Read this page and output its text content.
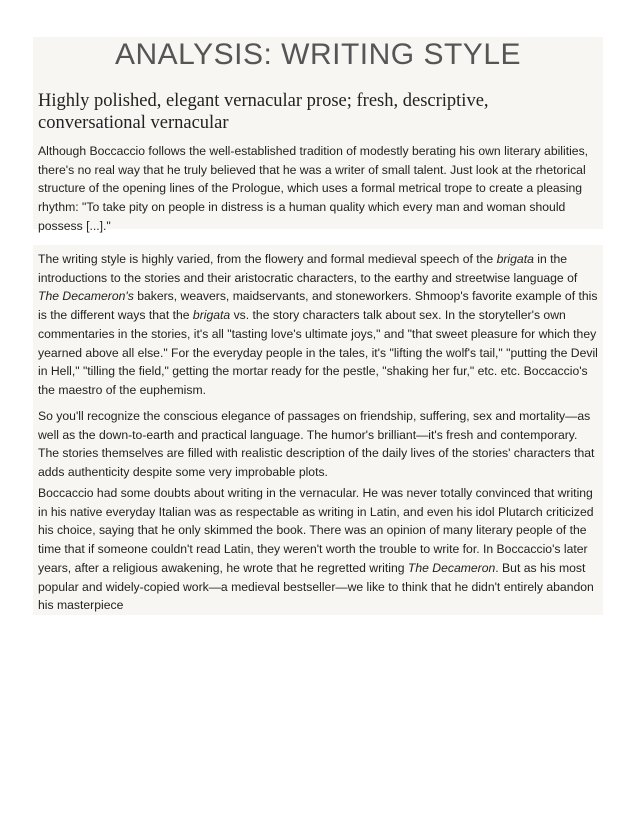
ANALYSIS: WRITING STYLE
Highly polished, elegant vernacular prose; fresh, descriptive, conversational vernacular
Although Boccaccio follows the well-established tradition of modestly berating his own literary abilities, there's no real way that he truly believed that he was a writer of small talent. Just look at the rhetorical structure of the opening lines of the Prologue, which uses a formal metrical trope to create a pleasing rhythm: "To take pity on people in distress is a human quality which every man and woman should possess [...]."

The writing style is highly varied, from the flowery and formal medieval speech of the brigata in the introductions to the stories and their aristocratic characters, to the earthy and streetwise language of The Decameron's bakers, weavers, maidservants, and stoneworkers. Shmoop's favorite example of this is the different ways that the brigata vs. the story characters talk about sex. In the storyteller's own commentaries in the stories, it's all "tasting love's ultimate joys," and "that sweet pleasure for which they yearned above all else." For the everyday people in the tales, it's "lifting the wolf's tail," "putting the Devil in Hell," "tilling the field," getting the mortar ready for the pestle, "shaking her fur," etc. etc. Boccaccio's the maestro of the euphemism.

So you'll recognize the conscious elegance of passages on friendship, suffering, sex and mortality—as well as the down-to-earth and practical language. The humor's brilliant—it's fresh and contemporary. The stories themselves are filled with realistic description of the daily lives of the stories' characters that adds authenticity despite some very improbable plots.

Boccaccio had some doubts about writing in the vernacular. He was never totally convinced that writing in his native everyday Italian was as respectable as writing in Latin, and even his idol Plutarch criticized his choice, saying that he only skimmed the book. There was an opinion of many literary people of the time that if someone couldn't read Latin, they weren't worth the trouble to write for. In Boccaccio's later years, after a religious awakening, he wrote that he regretted writing The Decameron. But as his most popular and widely-copied work—a medieval bestseller—we like to think that he didn't entirely abandon his masterpiece
